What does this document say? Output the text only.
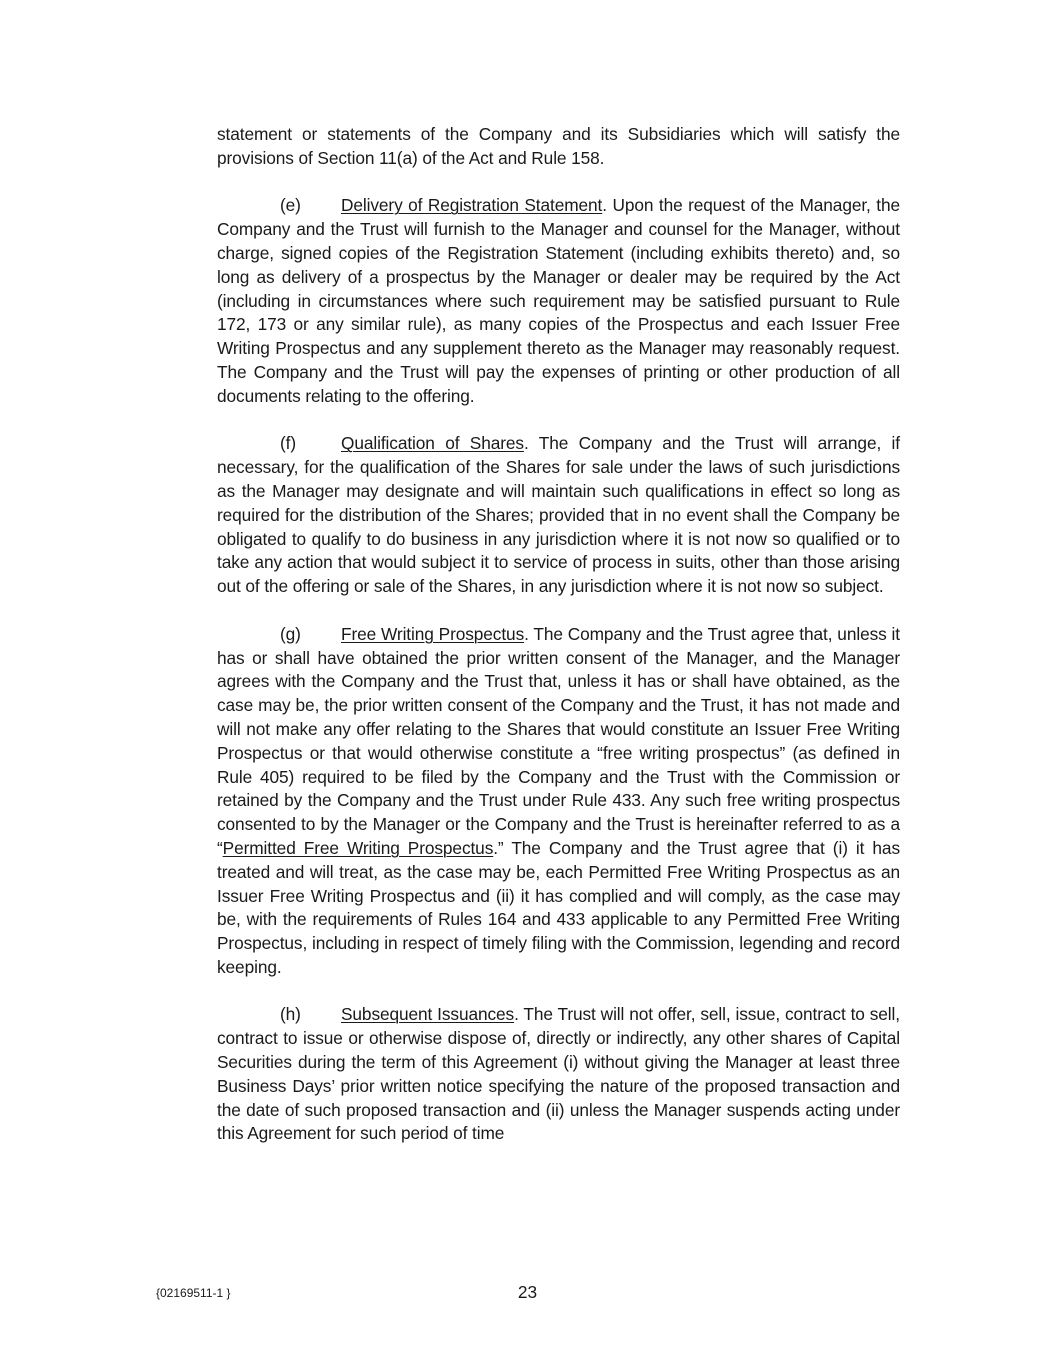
statement or statements of the Company and its Subsidiaries which will satisfy the provisions of Section 11(a) of the Act and Rule 158.

(e) Delivery of Registration Statement. Upon the request of the Manager, the Company and the Trust will furnish to the Manager and counsel for the Manager, without charge, signed copies of the Registration Statement (including exhibits thereto) and, so long as delivery of a prospectus by the Manager or dealer may be required by the Act (including in circumstances where such requirement may be satisfied pursuant to Rule 172, 173 or any similar rule), as many copies of the Prospectus and each Issuer Free Writing Prospectus and any supplement thereto as the Manager may reasonably request. The Company and the Trust will pay the expenses of printing or other production of all documents relating to the offering.

(f)	Qualification of Shares. The Company and the Trust will arrange, if necessary, for the qualification of the Shares for sale under the laws of such jurisdictions as the Manager may designate and will maintain such qualifications in effect so long as required for the distribution of the Shares; provided that in no event shall the Company be obligated to qualify to do business in any jurisdiction where it is not now so qualified or to take any action that would subject it to service of process in suits, other than those arising out of the offering or sale of the Shares, in any jurisdiction where it is not now so subject.

(g) Free Writing Prospectus. The Company and the Trust agree that, unless it has or shall have obtained the prior written consent of the Manager, and the Manager agrees with the Company and the Trust that, unless it has or shall have obtained, as the case may be, the prior written consent of the Company and the Trust, it has not made and will not make any offer relating to the Shares that would constitute an Issuer Free Writing Prospectus or that would otherwise constitute a “free writing prospectus” (as defined in Rule 405) required to be filed by the Company and the Trust with the Commission or retained by the Company and the Trust under Rule 433. Any such free writing prospectus consented to by the Manager or the Company and the Trust is hereinafter referred to as a “Permitted Free Writing Prospectus.” The Company and the Trust agree that (i) it has treated and will treat, as the case may be, each Permitted Free Writing Prospectus as an Issuer Free Writing Prospectus and (ii) it has complied and will comply, as the case may be, with the requirements of Rules 164 and 433 applicable to any Permitted Free Writing Prospectus, including in respect of timely filing with the Commission, legending and record keeping.

(h) Subsequent Issuances. The Trust will not offer, sell, issue, contract to sell, contract to issue or otherwise dispose of, directly or indirectly, any other shares of Capital Securities during the term of this Agreement (i) without giving the Manager at least three Business Days’ prior written notice specifying the nature of the proposed transaction and the date of such proposed transaction and (ii) unless the Manager suspends acting under this Agreement for such period of time

{02169511-1 }	23
